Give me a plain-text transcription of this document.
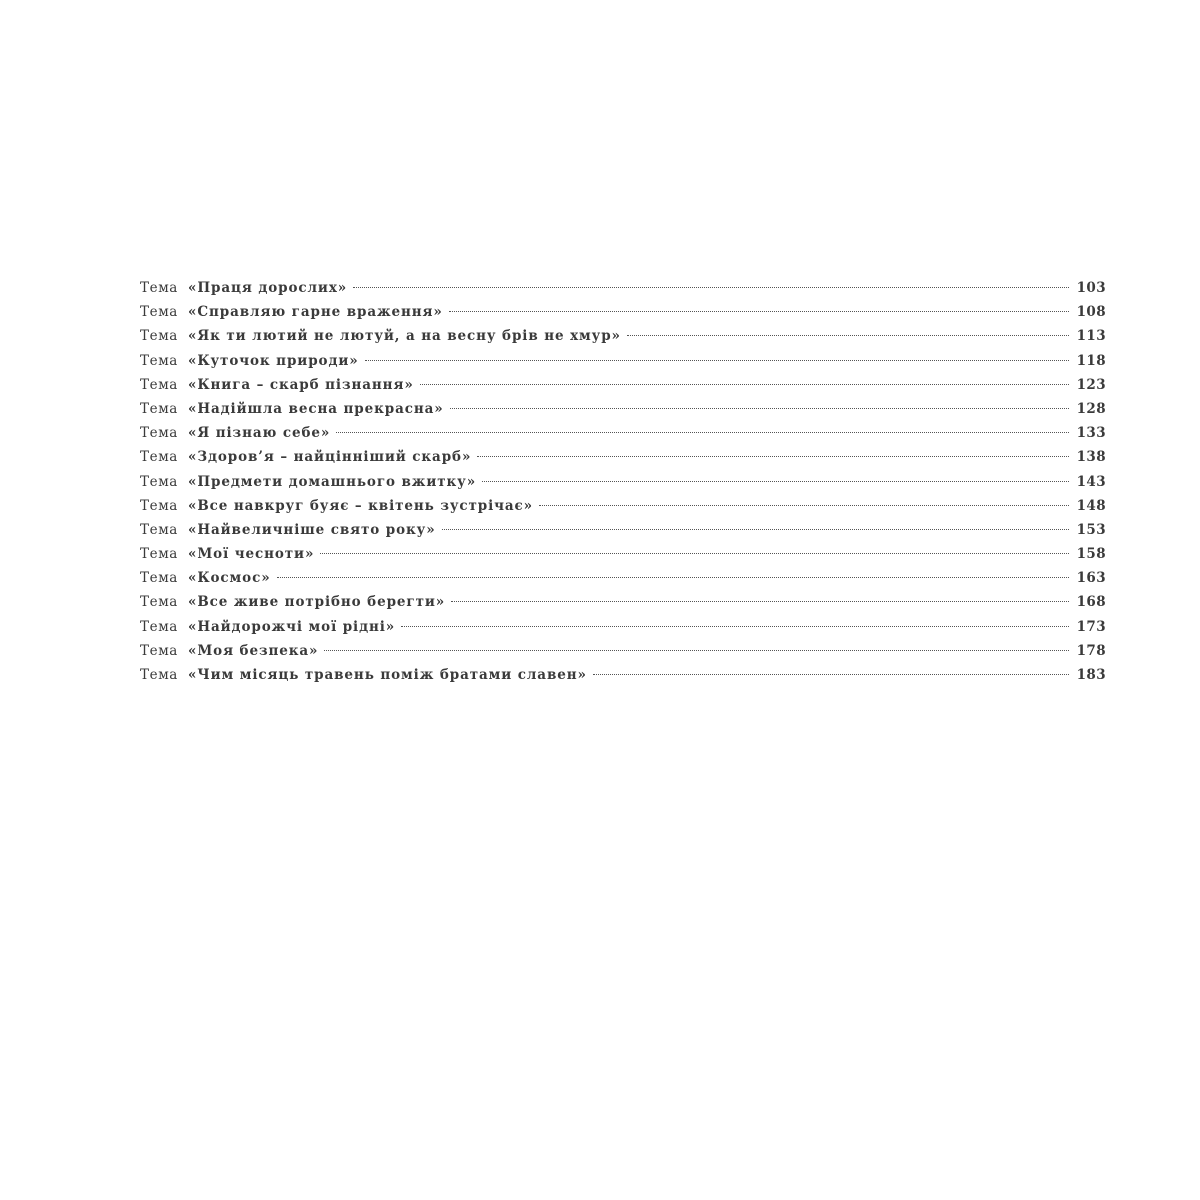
Тема «Праця дорослих»	103
Тема «Справляю гарне враження»	108
Тема «Як ти лютий не лютуй, а на весну брів не хмур»	113
Тема «Куточок природи»	118
Тема «Книга – скарб пізнання»	123
Тема «Надійшла весна прекрасна»	128
Тема «Я пізнаю себе»	133
Тема «Здоров’я – найцінніший скарб»	138
Тема «Предмети домашнього вжитку»	143
Тема «Все навкруг буяє – квітень зустрічає»	148
Тема «Найвеличніше свято року»	153
Тема «Мої чесноти»	158
Тема «Космос»	163
Тема «Все живе потрібно берегти»	168
Тема «Найдорожчі мої рідні»	173
Тема «Моя безпека»	178
Тема «Чим місяць травень поміж братами славен»	183
